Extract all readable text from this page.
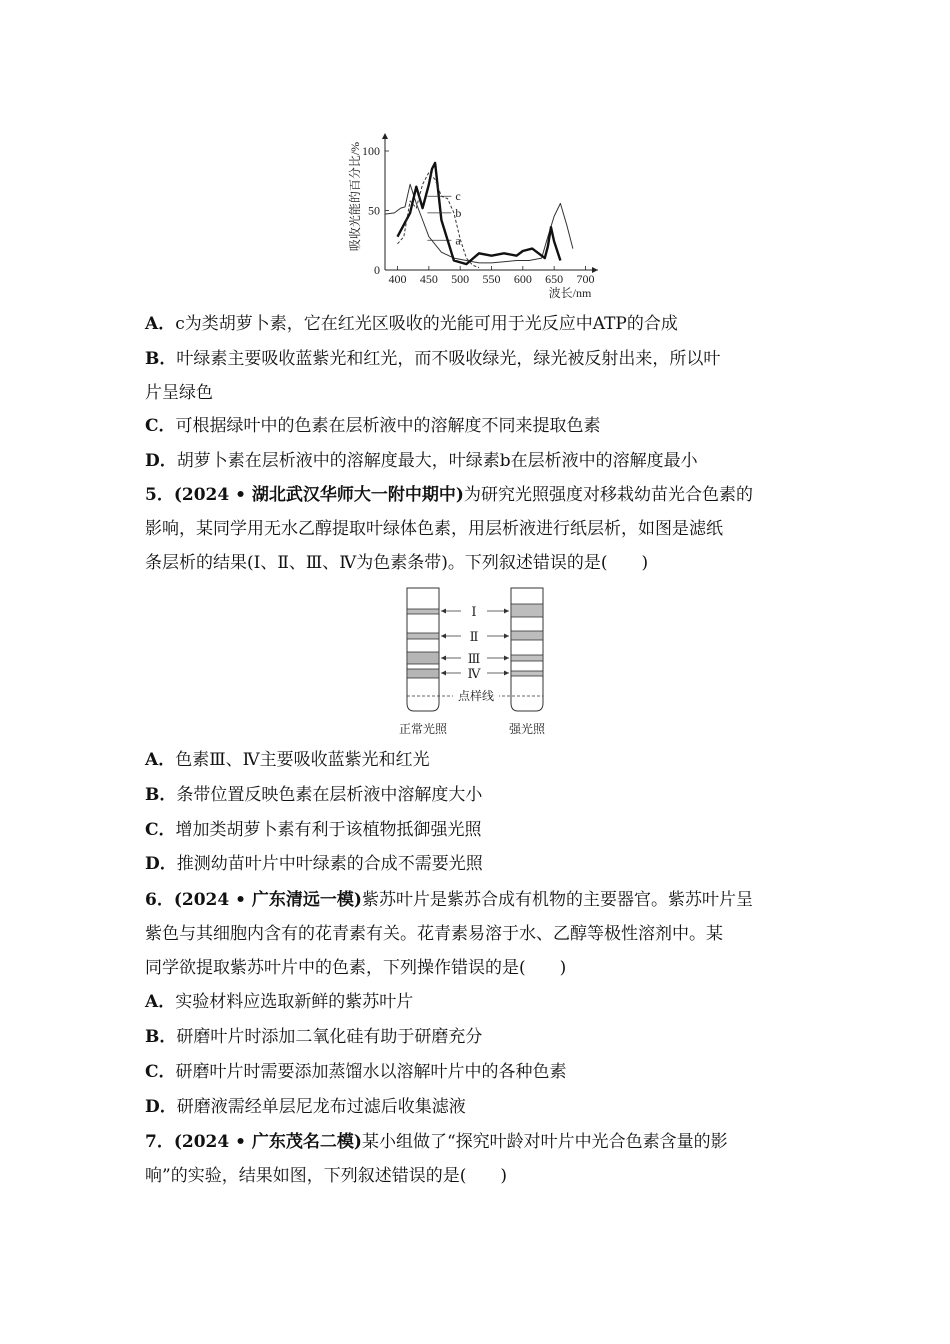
400 450 500 550 600 650 700
0
50
100
波长/nm
吸收光能的百分比/%	a
b
c
A．c为类胡萝卜素，它在红光区吸收的光能可用于光反应中ATP的合成
B．叶绿素主要吸收蓝紫光和红光，而不吸收绿光，绿光被反射出来，所以叶
片呈绿色
C．可根据绿叶中的色素在层析液中的溶解度不同来提取色素
D．胡萝卜素在层析液中的溶解度最大，叶绿素b在层析液中的溶解度最小
5．(2024 • 湖北武汉华师大一附中期中)为研究光照强度对移栽幼苗光合色素的
影响，某同学用无水乙醇提取叶绿体色素，用层析液进行纸层析，如图是滤纸
条层析的结果(Ⅰ、Ⅱ、Ⅲ、Ⅳ为色素条带)。下列叙述错误的是(　　)
Ⅰ
Ⅱ
Ⅲ
Ⅳ
点样线
正常光照	强光照
A．色素Ⅲ、Ⅳ主要吸收蓝紫光和红光
B．条带位置反映色素在层析液中溶解度大小
C．增加类胡萝卜素有利于该植物抵御强光照
D．推测幼苗叶片中叶绿素的合成不需要光照
6．(2024 • 广东清远一模)紫苏叶片是紫苏合成有机物的主要器官。紫苏叶片呈
紫色与其细胞内含有的花青素有关。花青素易溶于水、乙醇等极性溶剂中。某
同学欲提取紫苏叶片中的色素，下列操作错误的是(　　)
A．实验材料应选取新鲜的紫苏叶片
B．研磨叶片时添加二氧化硅有助于研磨充分
C．研磨叶片时需要添加蒸馏水以溶解叶片中的各种色素
D．研磨液需经单层尼龙布过滤后收集滤液
7．(2024 • 广东茂名二模)某小组做了“探究叶龄对叶片中光合色素含量的影
响”的实验，结果如图，下列叙述错误的是(　　)
